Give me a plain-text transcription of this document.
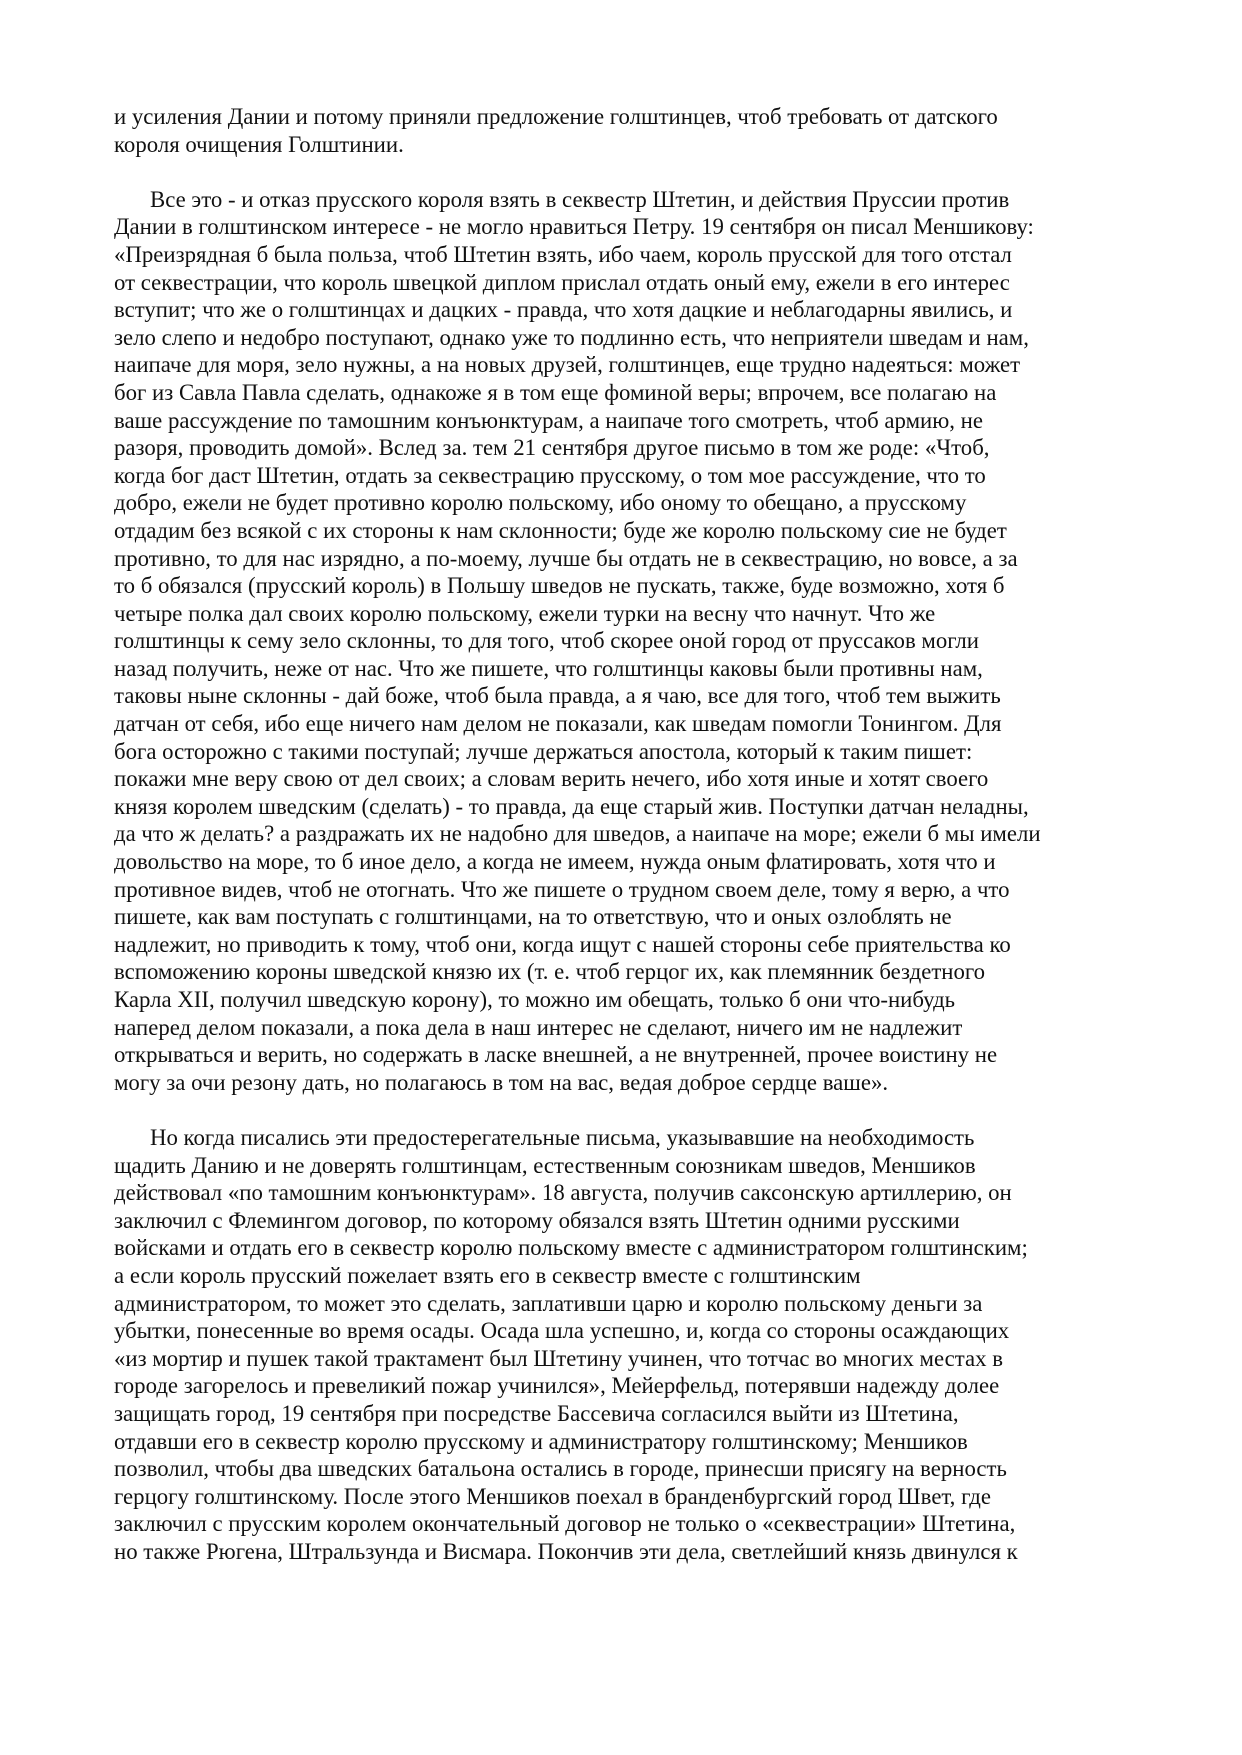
и усиления Дании и потому приняли предложение голштинцев, чтоб требовать от датского
короля очищения Голштинии.
Все это - и отказ прусского короля взять в секвестр Штетин, и действия Пруссии против
Дании в голштинском интересе - не могло нравиться Петру. 19 сентября он писал Меншикову:
«Преизрядная б была польза, чтоб Штетин взять, ибо чаем, король прусской для того отстал
от секвестрации, что король швецкой диплом прислал отдать оный ему, ежели в его интерес
вступит; что же о голштинцах и дацких - правда, что хотя дацкие и неблагодарны явились, и
зело слепо и недобро поступают, однако уже то подлинно есть, что неприятели шведам и нам,
наипаче для моря, зело нужны, а на новых друзей, голштинцев, еще трудно надеяться: может
бог из Савла Павла сделать, однакоже я в том еще фоминой веры; впрочем, все полагаю на
ваше рассуждение по тамошним конъюнктурам, а наипаче того смотреть, чтоб армию, не
разоря, проводить домой». Вслед за. тем 21 сентября другое письмо в том же роде: «Чтоб,
когда бог даст Штетин, отдать за секвестрацию прусскому, о том мое рассуждение, что то
добро, ежели не будет противно королю польскому, ибо оному то обещано, а прусскому
отдадим без всякой с их стороны к нам склонности; буде же королю польскому сие не будет
противно, то для нас изрядно, а по-моему, лучше бы отдать не в секвестрацию, но вовсе, а за
то б обязался (прусский король) в Польшу шведов не пускать, также, буде возможно, хотя б
четыре полка дал своих королю польскому, ежели турки на весну что начнут. Что же
голштинцы к сему зело склонны, то для того, чтоб скорее оной город от пруссаков могли
назад получить, неже от нас. Что же пишете, что голштинцы каковы были противны нам,
таковы ныне склонны - дай боже, чтоб была правда, а я чаю, все для того, чтоб тем выжить
датчан от себя, ибо еще ничего нам делом не показали, как шведам помогли Тонингом. Для
бога осторожно с такими поступай; лучше держаться апостола, который к таким пишет:
покажи мне веру свою от дел своих; а словам верить нечего, ибо хотя иные и хотят своего
князя королем шведским (сделать) - то правда, да еще старый жив. Поступки датчан неладны,
да что ж делать? а раздражать их не надобно для шведов, а наипаче на море; ежели б мы имели
довольство на море, то б иное дело, а когда не имеем, нужда оным флатировать, хотя что и
противное видев, чтоб не отогнать. Что же пишете о трудном своем деле, тому я верю, а что
пишете, как вам поступать с голштинцами, на то ответствую, что и оных озлоблять не
надлежит, но приводить к тому, чтоб они, когда ищут с нашей стороны себе приятельства ко
вспоможению короны шведской князю их (т. е. чтоб герцог их, как племянник бездетного
Карла XII, получил шведскую корону), то можно им обещать, только б они что-нибудь
наперед делом показали, а пока дела в наш интерес не сделают, ничего им не надлежит
открываться и верить, но содержать в ласке внешней, а не внутренней, прочее воистину не
могу за очи резону дать, но полагаюсь в том на вас, ведая доброе сердце ваше».
Но когда писались эти предостерегательные письма, указывавшие на необходимость
щадить Данию и не доверять голштинцам, естественным союзникам шведов, Меншиков
действовал «по тамошним конъюнктурам». 18 августа, получив саксонскую артиллерию, он
заключил с Флемингом договор, по которому обязался взять Штетин одними русскими
войсками и отдать его в секвестр королю польскому вместе с администратором голштинским;
а если король прусский пожелает взять его в секвестр вместе с голштинским
администратором, то может это сделать, заплативши царю и королю польскому деньги за
убытки, понесенные во время осады. Осада шла успешно, и, когда со стороны осаждающих
«из мортир и пушек такой трактамент был Штетину учинен, что тотчас во многих местах в
городе загорелось и превеликий пожар учинился», Мейерфельд, потерявши надежду долее
защищать город, 19 сентября при посредстве Бассевича согласился выйти из Штетина,
отдавши его в секвестр королю прусскому и администратору голштинскому; Меншиков
позволил, чтобы два шведских батальона остались в городе, принесши присягу на верность
герцогу голштинскому. После этого Меншиков поехал в бранденбургский город Швет, где
заключил с прусским королем окончательный договор не только о «секвестрации» Штетина,
но также Рюгена, Штральзунда и Висмара. Покончив эти дела, светлейший князь двинулся к
